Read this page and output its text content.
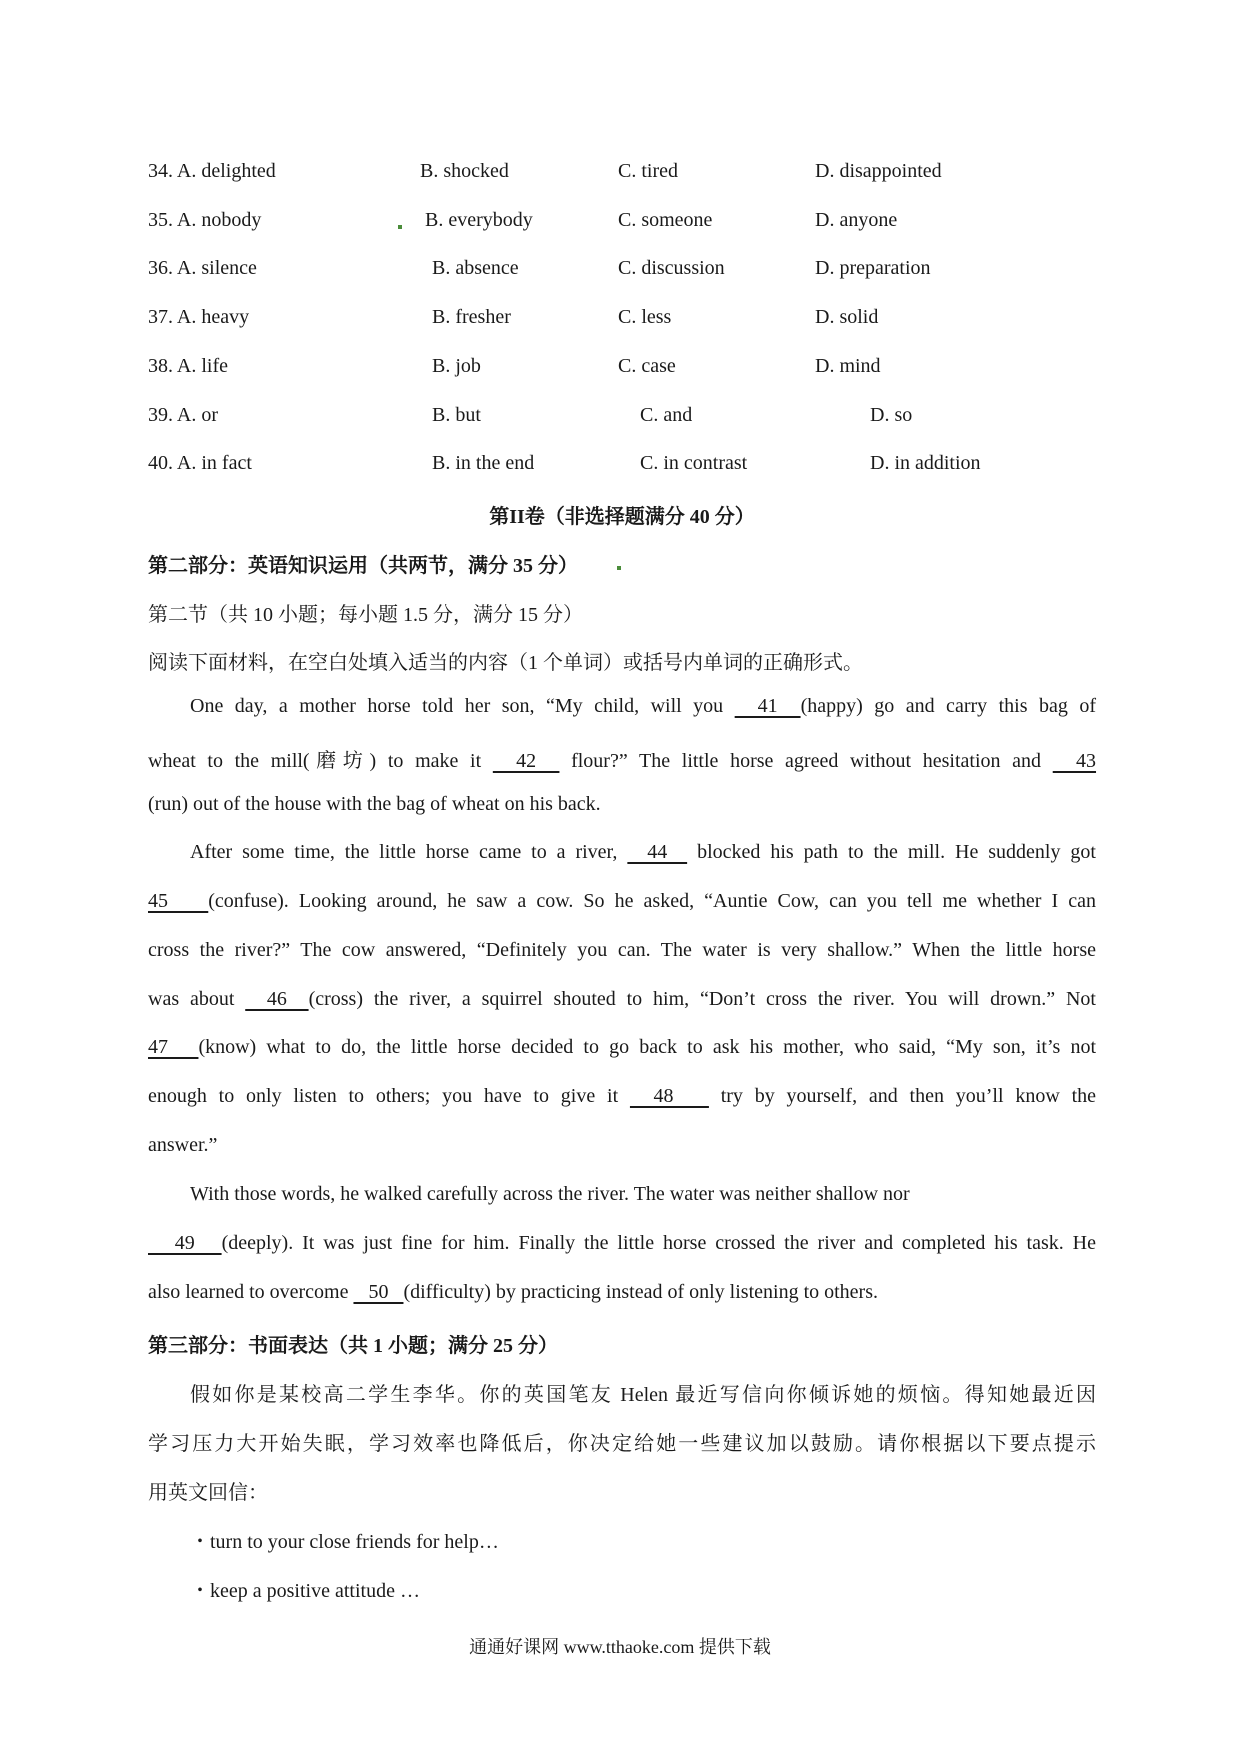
34. A. delighted	B. shocked	C. tired	D. disappointed
35. A. nobody	B. everybody	C. someone	D. anyone
36. A. silence	B. absence	C. discussion	D. preparation
37. A. heavy	B. fresher	C. less	D. solid
38. A. life	B. job	C. case	D. mind
39. A. or	B. but	C. and	D. so
40. A. in fact	B. in the end	C. in contrast	D. in addition
第II卷（非选择题满分 40 分）
第二部分：英语知识运用（共两节，满分 35 分）
第二节（共 10 小题；每小题 1.5 分，满分 15 分）
阅读下面材料，在空白处填入适当的内容（1 个单词）或括号内单词的正确形式。
One day, a mother horse told her son, “My child, will you   41  (happy) go and carry this bag of
wheat to the mill(磨坊) to make it   42   flour?” The little horse agreed without hesitation and   43
(run) out of the house with the bag of wheat on his back.
After some time, the little horse came to a river,   44   blocked his path to the mill. He suddenly got
45    (confuse). Looking around, he saw a cow. So he asked, “Auntie Cow, can you tell me whether I can
cross the river?” The cow answered, “Definitely you can. The water is very shallow.” When the little horse
was about   46  (cross) the river, a squirrel shouted to him, “Don’t cross the river. You will drown.” Not
47   (know) what to do, the little horse decided to go back to ask his mother, who said, “My son, it’s not
enough to only listen to others; you have to give it   48    try by yourself, and then you’ll know the
answer.”
With those words, he walked carefully across the river. The water was neither shallow nor
49   (deeply). It was just fine for him. Finally the little horse crossed the river and completed his task. He
also learned to overcome    50   (difficulty) by practicing instead of only listening to others.
第三部分：书面表达（共 1 小题；满分 25 分）
假如你是某校高二学生李华。你的英国笔友 Helen 最近写信向你倾诉她的烦恼。得知她最近因
学习压力大开始失眠，学习效率也降低后，你决定给她一些建议加以鼓励。请你根据以下要点提示
用英文回信：
・turn to your close friends for help…
・keep a positive attitude …
通通好课网 www.tthaoke.com 提供下载
